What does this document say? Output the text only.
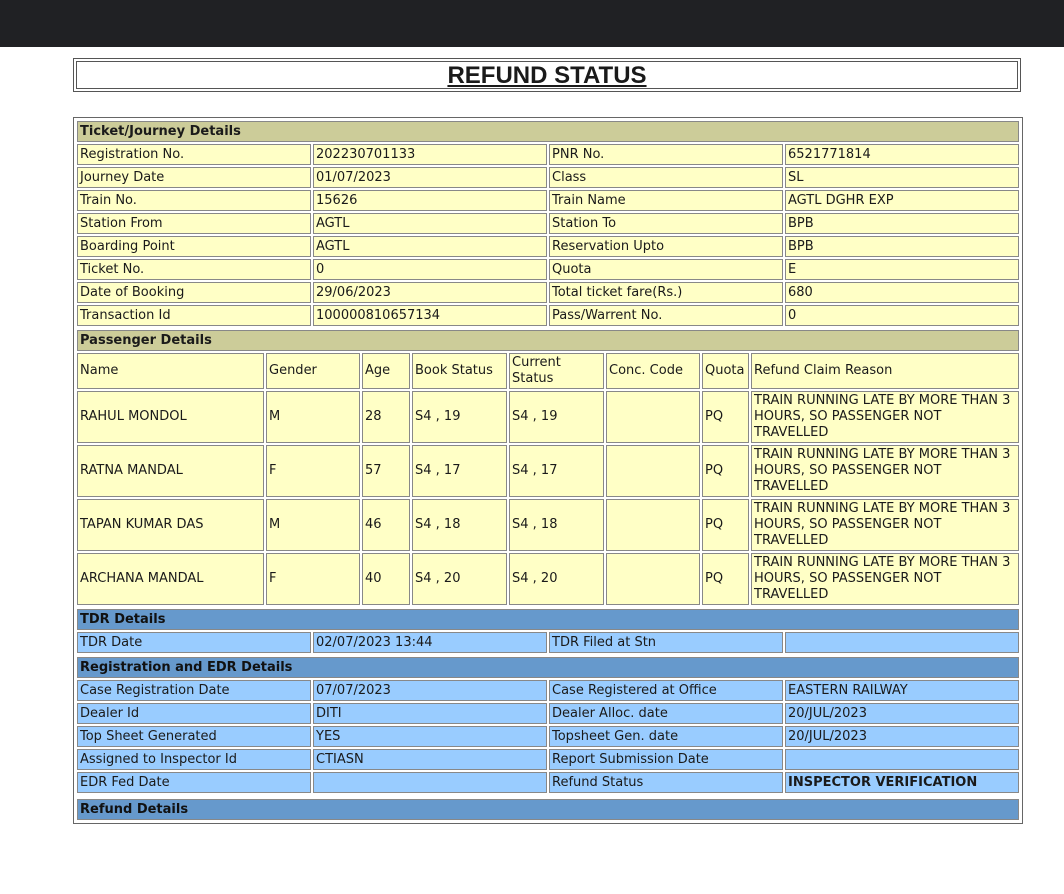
REFUND STATUS
Ticket/Journey Details			
Registration No.	202230701133	PNR No.	6521771814
Journey Date	01/07/2023	Class	SL
Train No.	15626	Train Name	AGTL DGHR EXP
Station From	AGTL	Station To	BPB
Boarding Point	AGTL	Reservation Upto	BPB
Ticket No.	0	Quota	E
Date of Booking	29/06/2023	Total ticket fare(Rs.)	680
Transaction Id	100000810657134	Pass/Warrent No.	0
Passenger Details							
Name	Gender	Age	Book Status	Current Status	Conc. Code	Quota	Refund Claim Reason
RAHUL MONDOL	M	28	S4 , 19	S4 , 19		PQ	TRAIN RUNNING LATE BY MORE THAN 3 HOURS, SO PASSENGER NOT TRAVELLED
RATNA MANDAL	F	57	S4 , 17	S4 , 17		PQ	TRAIN RUNNING LATE BY MORE THAN 3 HOURS, SO PASSENGER NOT TRAVELLED
TAPAN KUMAR DAS	M	46	S4 , 18	S4 , 18		PQ	TRAIN RUNNING LATE BY MORE THAN 3 HOURS, SO PASSENGER NOT TRAVELLED
ARCHANA MANDAL	F	40	S4 , 20	S4 , 20		PQ	TRAIN RUNNING LATE BY MORE THAN 3 HOURS, SO PASSENGER NOT TRAVELLED
TDR Details
TDR Date	02/07/2023 13:44	TDR Filed at Stn	
Registration and EDR Details			
Case Registration Date	07/07/2023	Case Registered at Office	EASTERN RAILWAY
Dealer Id	DITI	Dealer Alloc. date	20/JUL/2023
Top Sheet Generated	YES	Topsheet Gen. date	20/JUL/2023
Assigned to Inspector Id	CTIASN	Report Submission Date	
EDR Fed Date		Refund Status	INSPECTOR VERIFICATION
Refund Details
